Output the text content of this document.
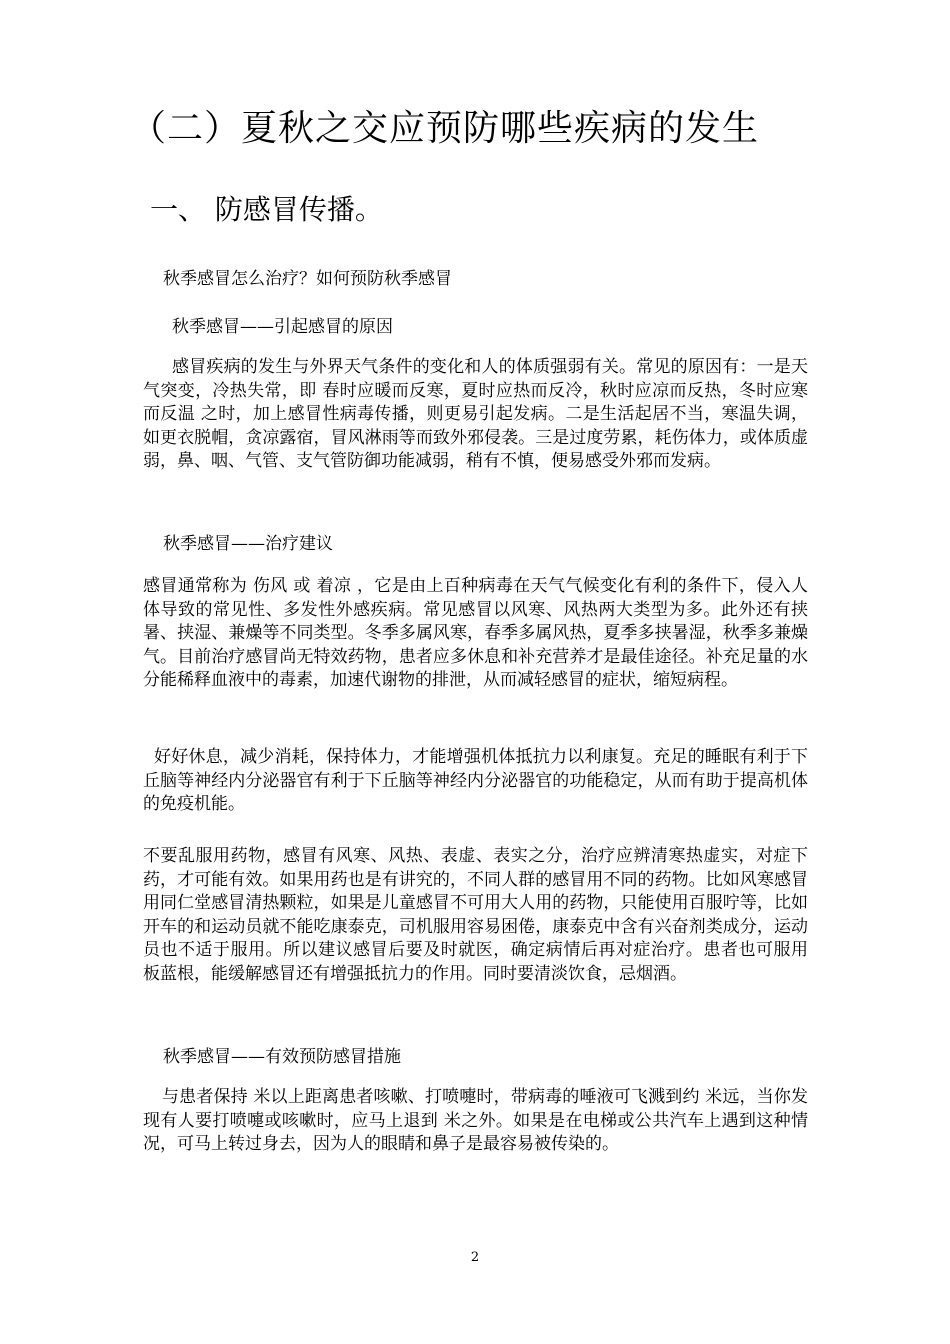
（二）夏秋之交应预防哪些疾病的发生
一、 防感冒传播。
秋季感冒怎么治疗？如何预防秋季感冒
秋季感冒——引起感冒的原因
感冒疾病的发生与外界天气条件的变化和人的体质强弱有关。常见的原因有：一是天气突变，冷热失常，即 春时应暖而反寒，夏时应热而反冷，秋时应凉而反热，冬时应寒而反温 之时，加上感冒性病毒传播，则更易引起发病。二是生活起居不当，寒温失调，如更衣脱帽，贪凉露宿，冒风淋雨等而致外邪侵袭。三是过度劳累，耗伤体力，或体质虚弱，鼻、咽、气管、支气管防御功能减弱，稍有不慎，便易感受外邪而发病。
秋季感冒——治疗建议
感冒通常称为 伤风 或 着凉 ，它是由上百种病毒在天气气候变化有利的条件下，侵入人体导致的常见性、多发性外感疾病。常见感冒以风寒、风热两大类型为多。此外还有挟暑、挟湿、兼燥等不同类型。冬季多属风寒，春季多属风热，夏季多挟暑湿，秋季多兼燥气。目前治疗感冒尚无特效药物，患者应多休息和补充营养才是最佳途径。补充足量的水分能稀释血液中的毒素，加速代谢物的排泄，从而减轻感冒的症状，缩短病程。
好好休息，减少消耗，保持体力，才能增强机体抵抗力以利康复。充足的睡眠有利于下丘脑等神经内分泌器官有利于下丘脑等神经内分泌器官的功能稳定，从而有助于提高机体的免疫机能。
不要乱服用药物，感冒有风寒、风热、表虚、表实之分，治疗应辨清寒热虚实，对症下药，才可能有效。如果用药也是有讲究的，不同人群的感冒用不同的药物。比如风寒感冒用同仁堂感冒清热颗粒，如果是儿童感冒不可用大人用的药物，只能使用百服咛等，比如开车的和运动员就不能吃康泰克，司机服用容易困倦，康泰克中含有兴奋剂类成分，运动员也不适于服用。所以建议感冒后要及时就医，确定病情后再对症治疗。患者也可服用 板蓝根，能缓解感冒还有增强抵抗力的作用。同时要清淡饮食，忌烟酒。
秋季感冒——有效预防感冒措施
与患者保持 米以上距离患者咳嗽、打喷嚏时，带病毒的唾液可飞溅到约 米远，当你发现有人要打喷嚏或咳嗽时，应马上退到 米之外。如果是在电梯或公共汽车上遇到这种情况，可马上转过身去，因为人的眼睛和鼻子是最容易被传染的。
2
